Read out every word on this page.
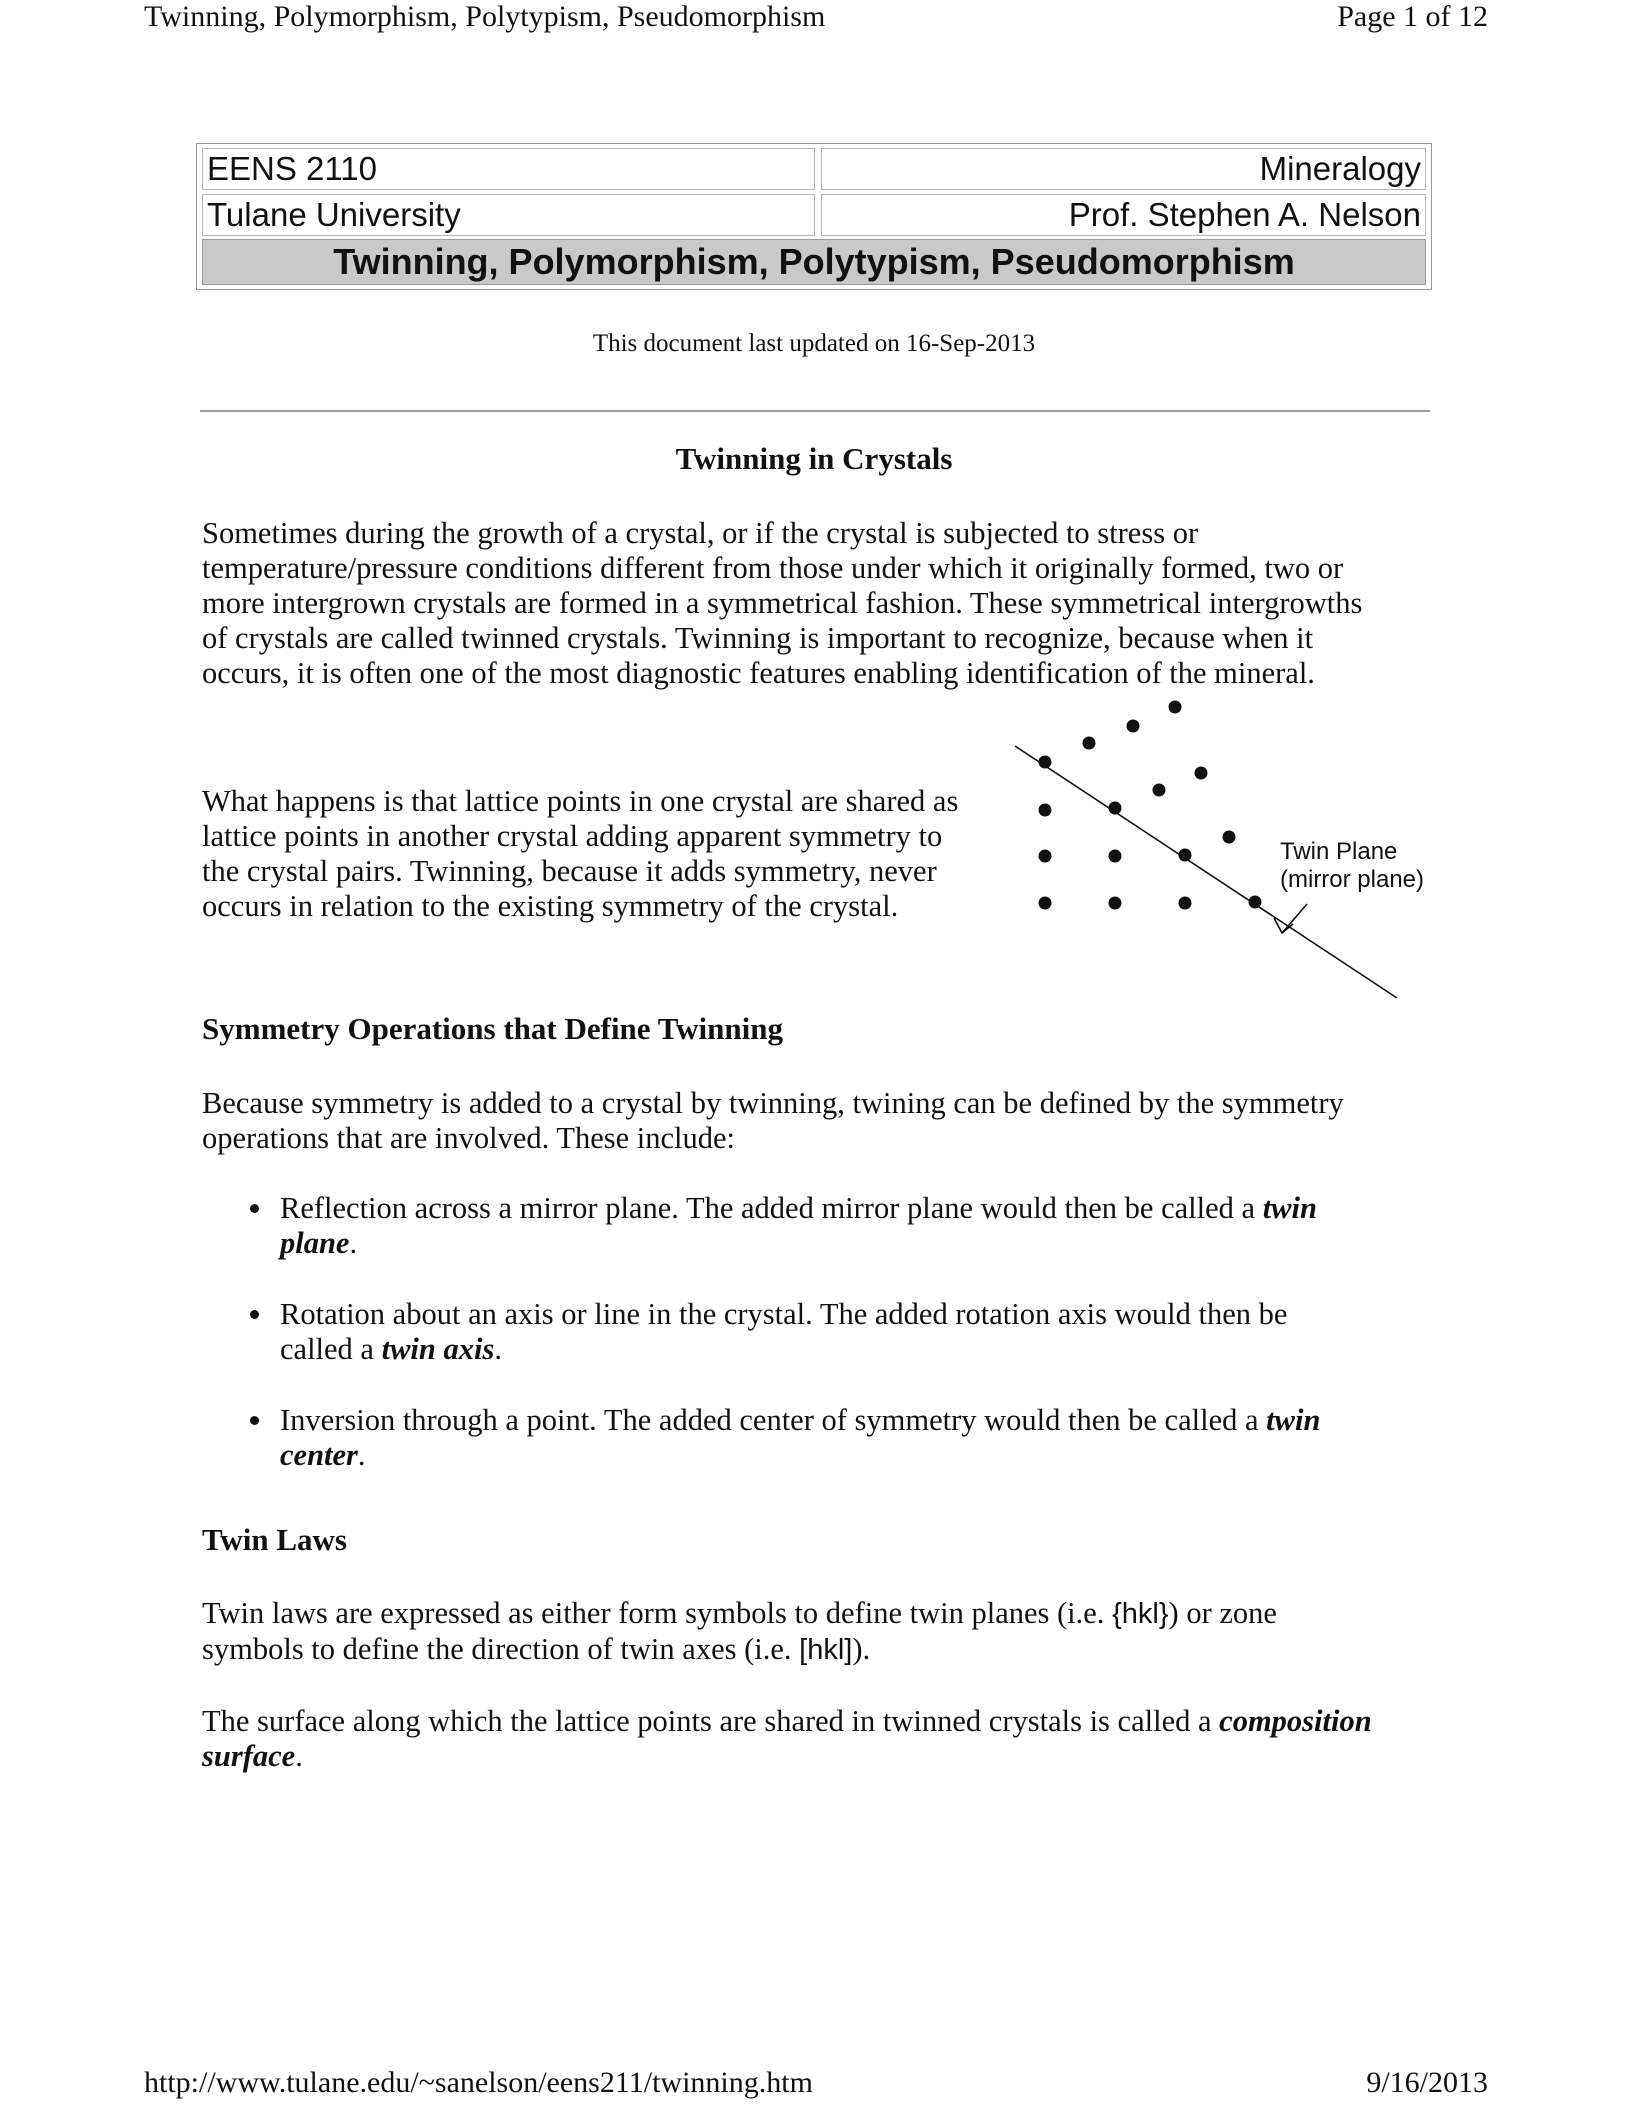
Twinning, Polymorphism, Polytypism, Pseudomorphism	Page 1 of 12
EENS 2110	Mineralogy
Tulane University	Prof. Stephen A. Nelson
Twinning, Polymorphism, Polytypism, Pseudomorphism
This document last updated on 16-Sep-2013
Twinning in Crystals

Sometimes during the growth of a crystal, or if the crystal is subjected to stress or

temperature/pressure conditions different from those under which it originally formed, two or

more intergrown crystals are formed in a symmetrical fashion. These symmetrical intergrowths

of crystals are called twinned crystals. Twinning is important to recognize, because when it

occurs, it is often one of the most diagnostic features enabling identification of the mineral.

What happens is that lattice points in one crystal are shared as

lattice points in another crystal adding apparent symmetry to

the crystal pairs. Twinning, because it adds symmetry, never

occurs in relation to the existing symmetry of the crystal.

Twin Plane
(mirror plane)
Symmetry Operations that Define Twinning

Because symmetry is added to a crystal by twinning, twining can be defined by the symmetry

operations that are involved. These include:

Reflection across a mirror plane. The added mirror plane would then be called a twin

plane.

Rotation about an axis or line in the crystal. The added rotation axis would then be

called a twin axis.

Inversion through a point. The added center of symmetry would then be called a twin

center.

Twin Laws

Twin laws are expressed as either form symbols to define twin planes (i.e. {hkl}) or zone

symbols to define the direction of twin axes (i.e. [hkl]).

The surface along which the lattice points are shared in twinned crystals is called a composition

surface.

http://www.tulane.edu/~sanelson/eens211/twinning.htm	9/16/2013
